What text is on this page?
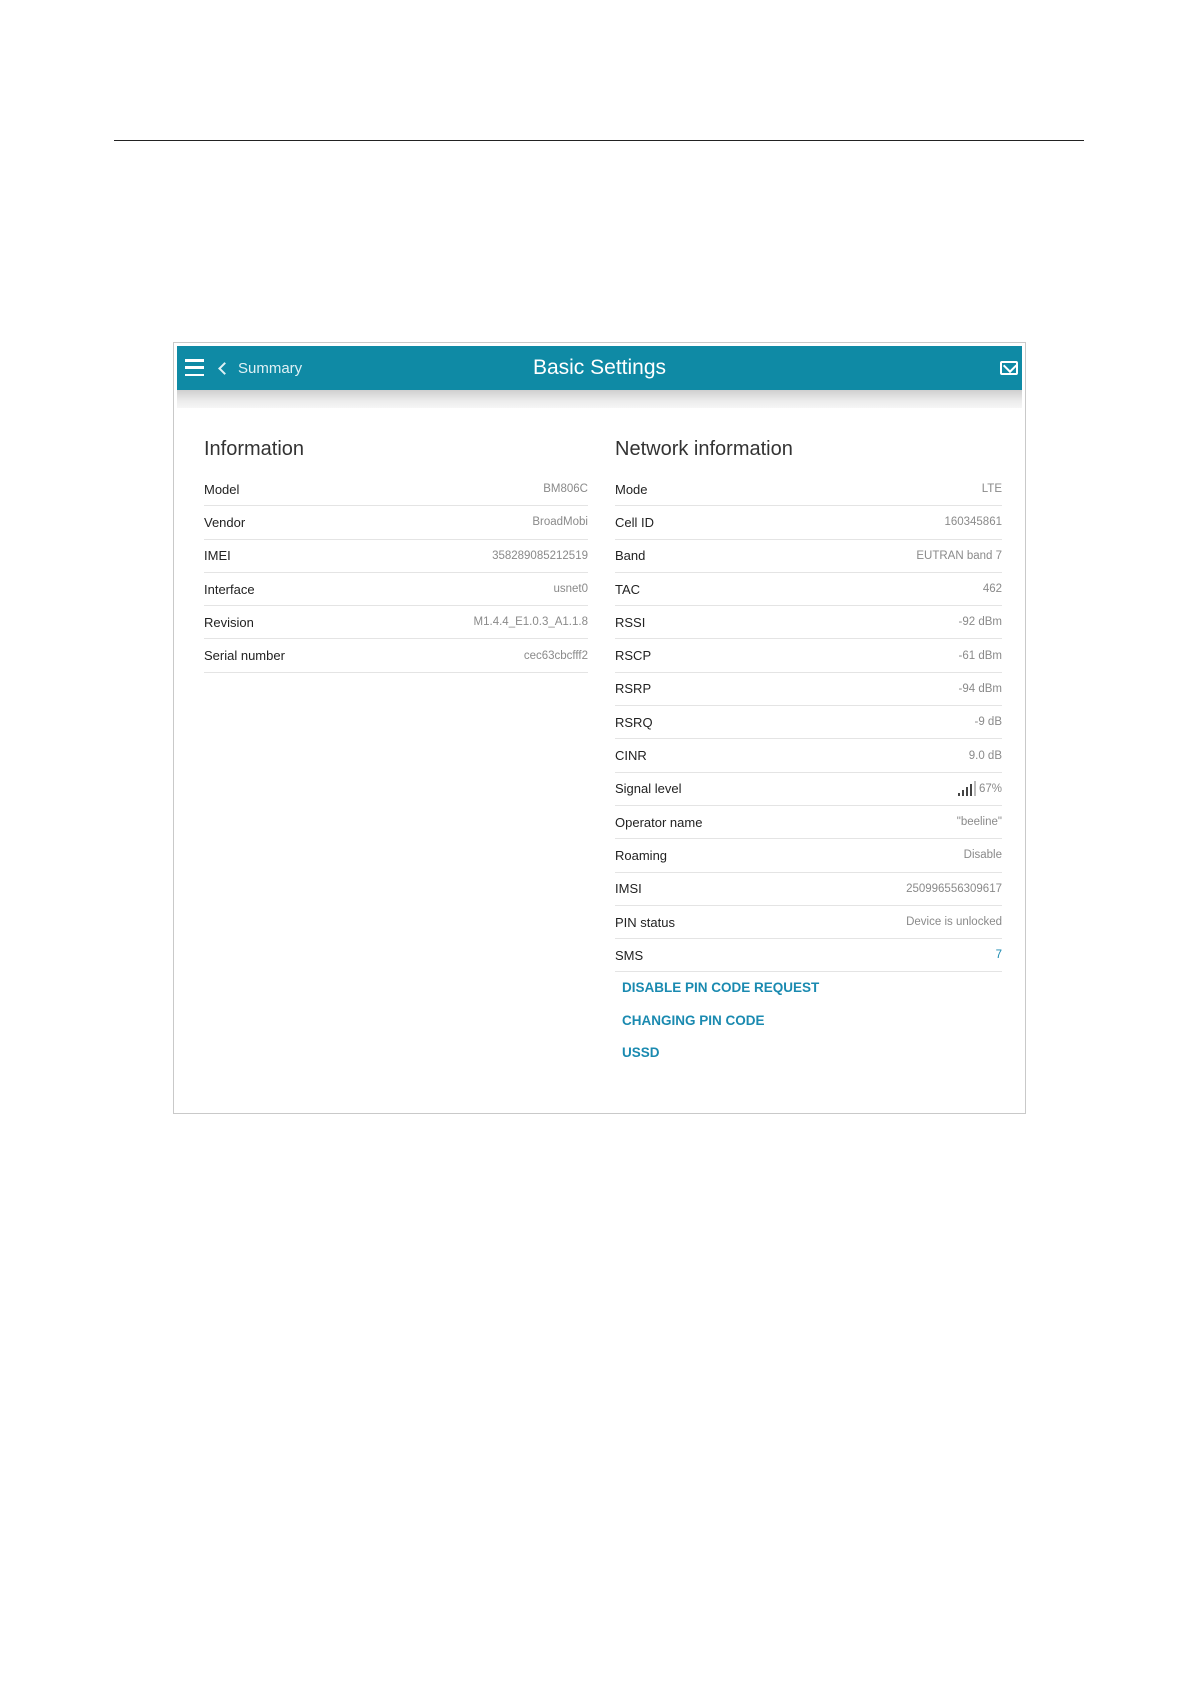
Summary	Basic Settings
Information
Model	BM806C
Vendor	BroadMobi
IMEI	358289085212519
Interface	usnet0
Revision	M1.4.4_E1.0.3_A1.1.8
Serial number	cec63cbcfff2
Network information
Mode	LTE
Cell ID	160345861
Band	EUTRAN band 7
TAC	462
RSSI	-92 dBm
RSCP	-61 dBm
RSRP	-94 dBm
RSRQ	-9 dB
CINR	9.0 dB
Signal level	67%
Operator name	"beeline"
Roaming	Disable
IMSI	250996556309617
PIN status	Device is unlocked
SMS	7
DISABLE PIN CODE REQUEST
CHANGING PIN CODE
USSD
